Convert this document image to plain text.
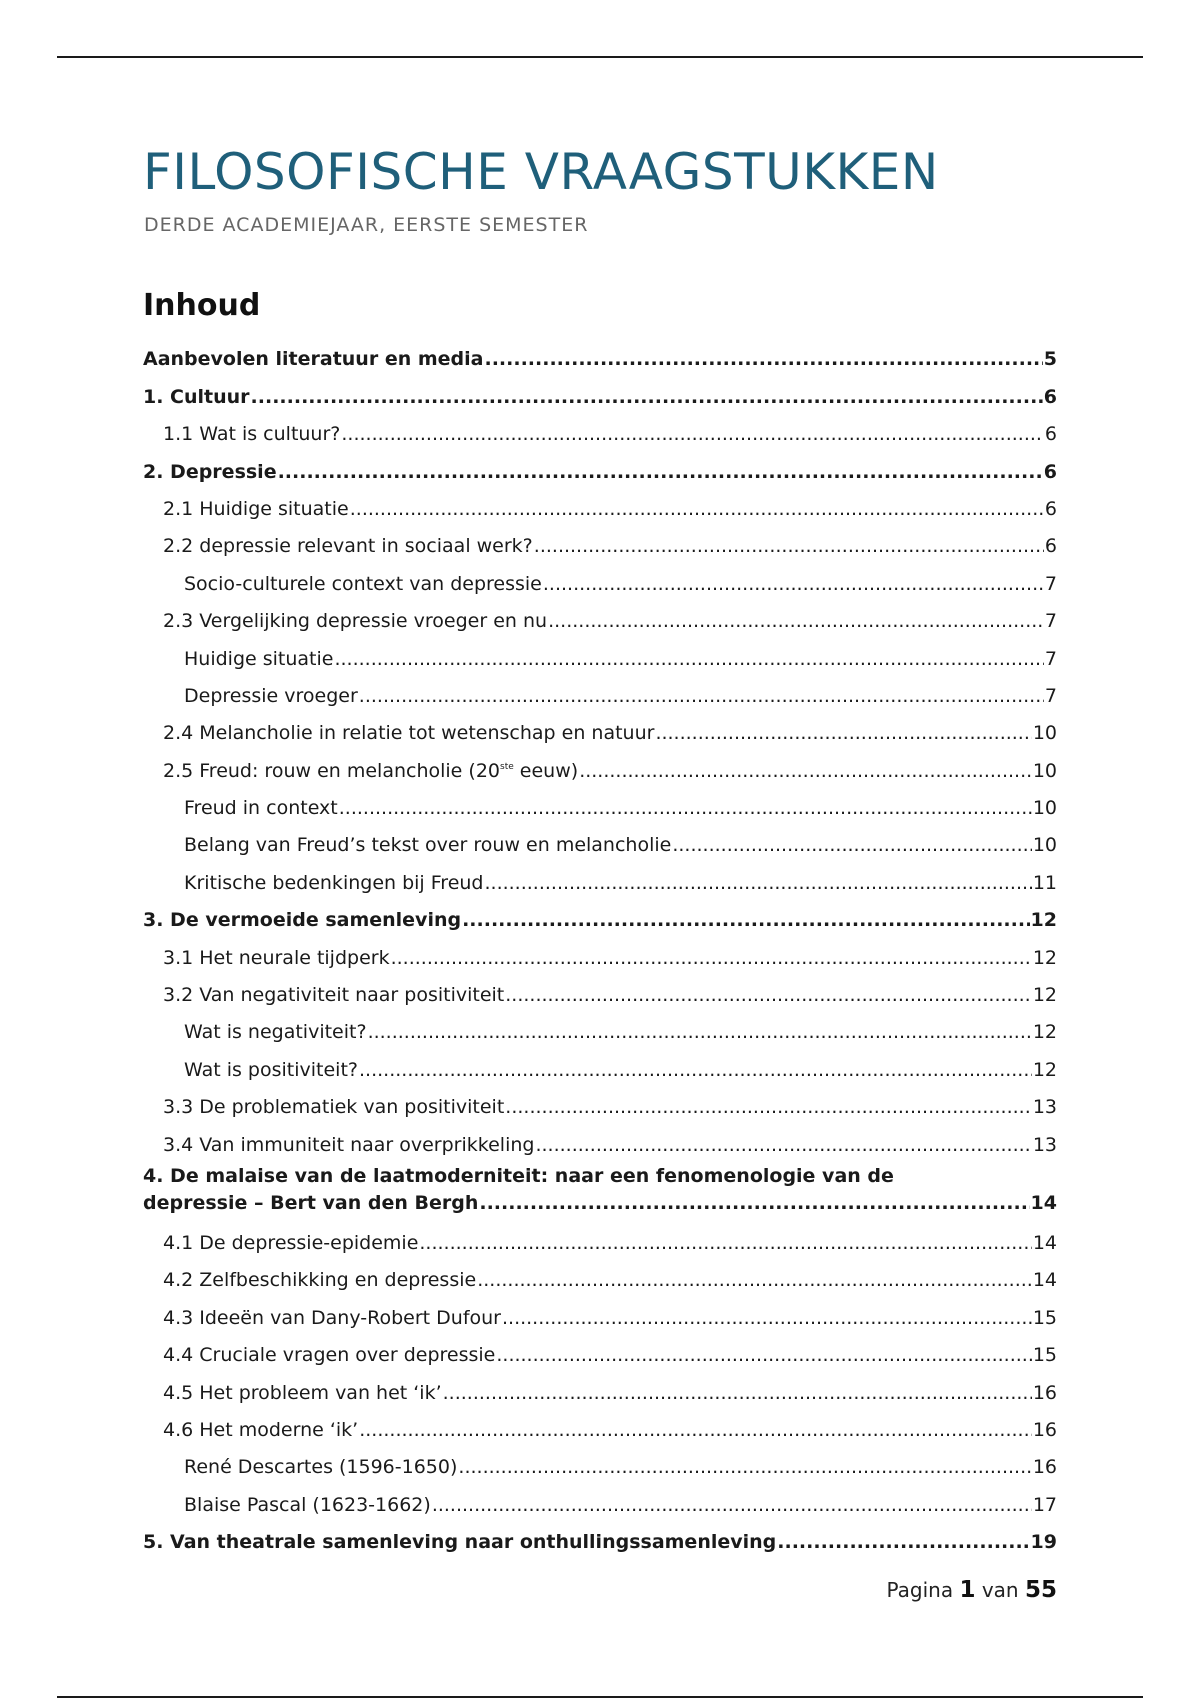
FILOSOFISCHE VRAAGSTUKKEN
DERDE ACADEMIEJAAR, EERSTE SEMESTER
Inhoud
Aanbevolen literatuur en media .....	5
1. Cultuur .....	6
1.1 Wat is cultuur? .....	6
2. Depressie .....	6
2.1 Huidige situatie .....	6
2.2 depressie relevant in sociaal werk? .....	6
Socio-culturele context van depressie .....	7
2.3 Vergelijking depressie vroeger en nu .....	7
Huidige situatie .....	7
Depressie vroeger .....	7
2.4 Melancholie in relatie tot wetenschap en natuur .....	10
2.5 Freud: rouw en melancholie (20ste eeuw) .....	10
Freud in context .....	10
Belang van Freud’s tekst over rouw en melancholie .....	10
Kritische bedenkingen bij Freud .....	11
3. De vermoeide samenleving .....	12
3.1 Het neurale tijdperk .....	12
3.2 Van negativiteit naar positiviteit .....	12
Wat is negativiteit? .....	12
Wat is positiviteit? .....	12
3.3 De problematiek van positiviteit .....	13
3.4 Van immuniteit naar overprikkeling .....	13
4. De malaise van de laatmoderniteit: naar een fenomenologie van de
depressie – Bert van den Bergh .....	14
4.1 De depressie-epidemie .....	14
4.2 Zelfbeschikking en depressie .....	14
4.3 Ideeën van Dany-Robert Dufour .....	15
4.4 Cruciale vragen over depressie .....	15
4.5 Het probleem van het ‘ik’ .....	16
4.6 Het moderne ‘ik’ .....	16
René Descartes (1596-1650) .....	16
Blaise Pascal (1623-1662) .....	17
5. Van theatrale samenleving naar onthullingssamenleving .....	19
Pagina 1 van 55
